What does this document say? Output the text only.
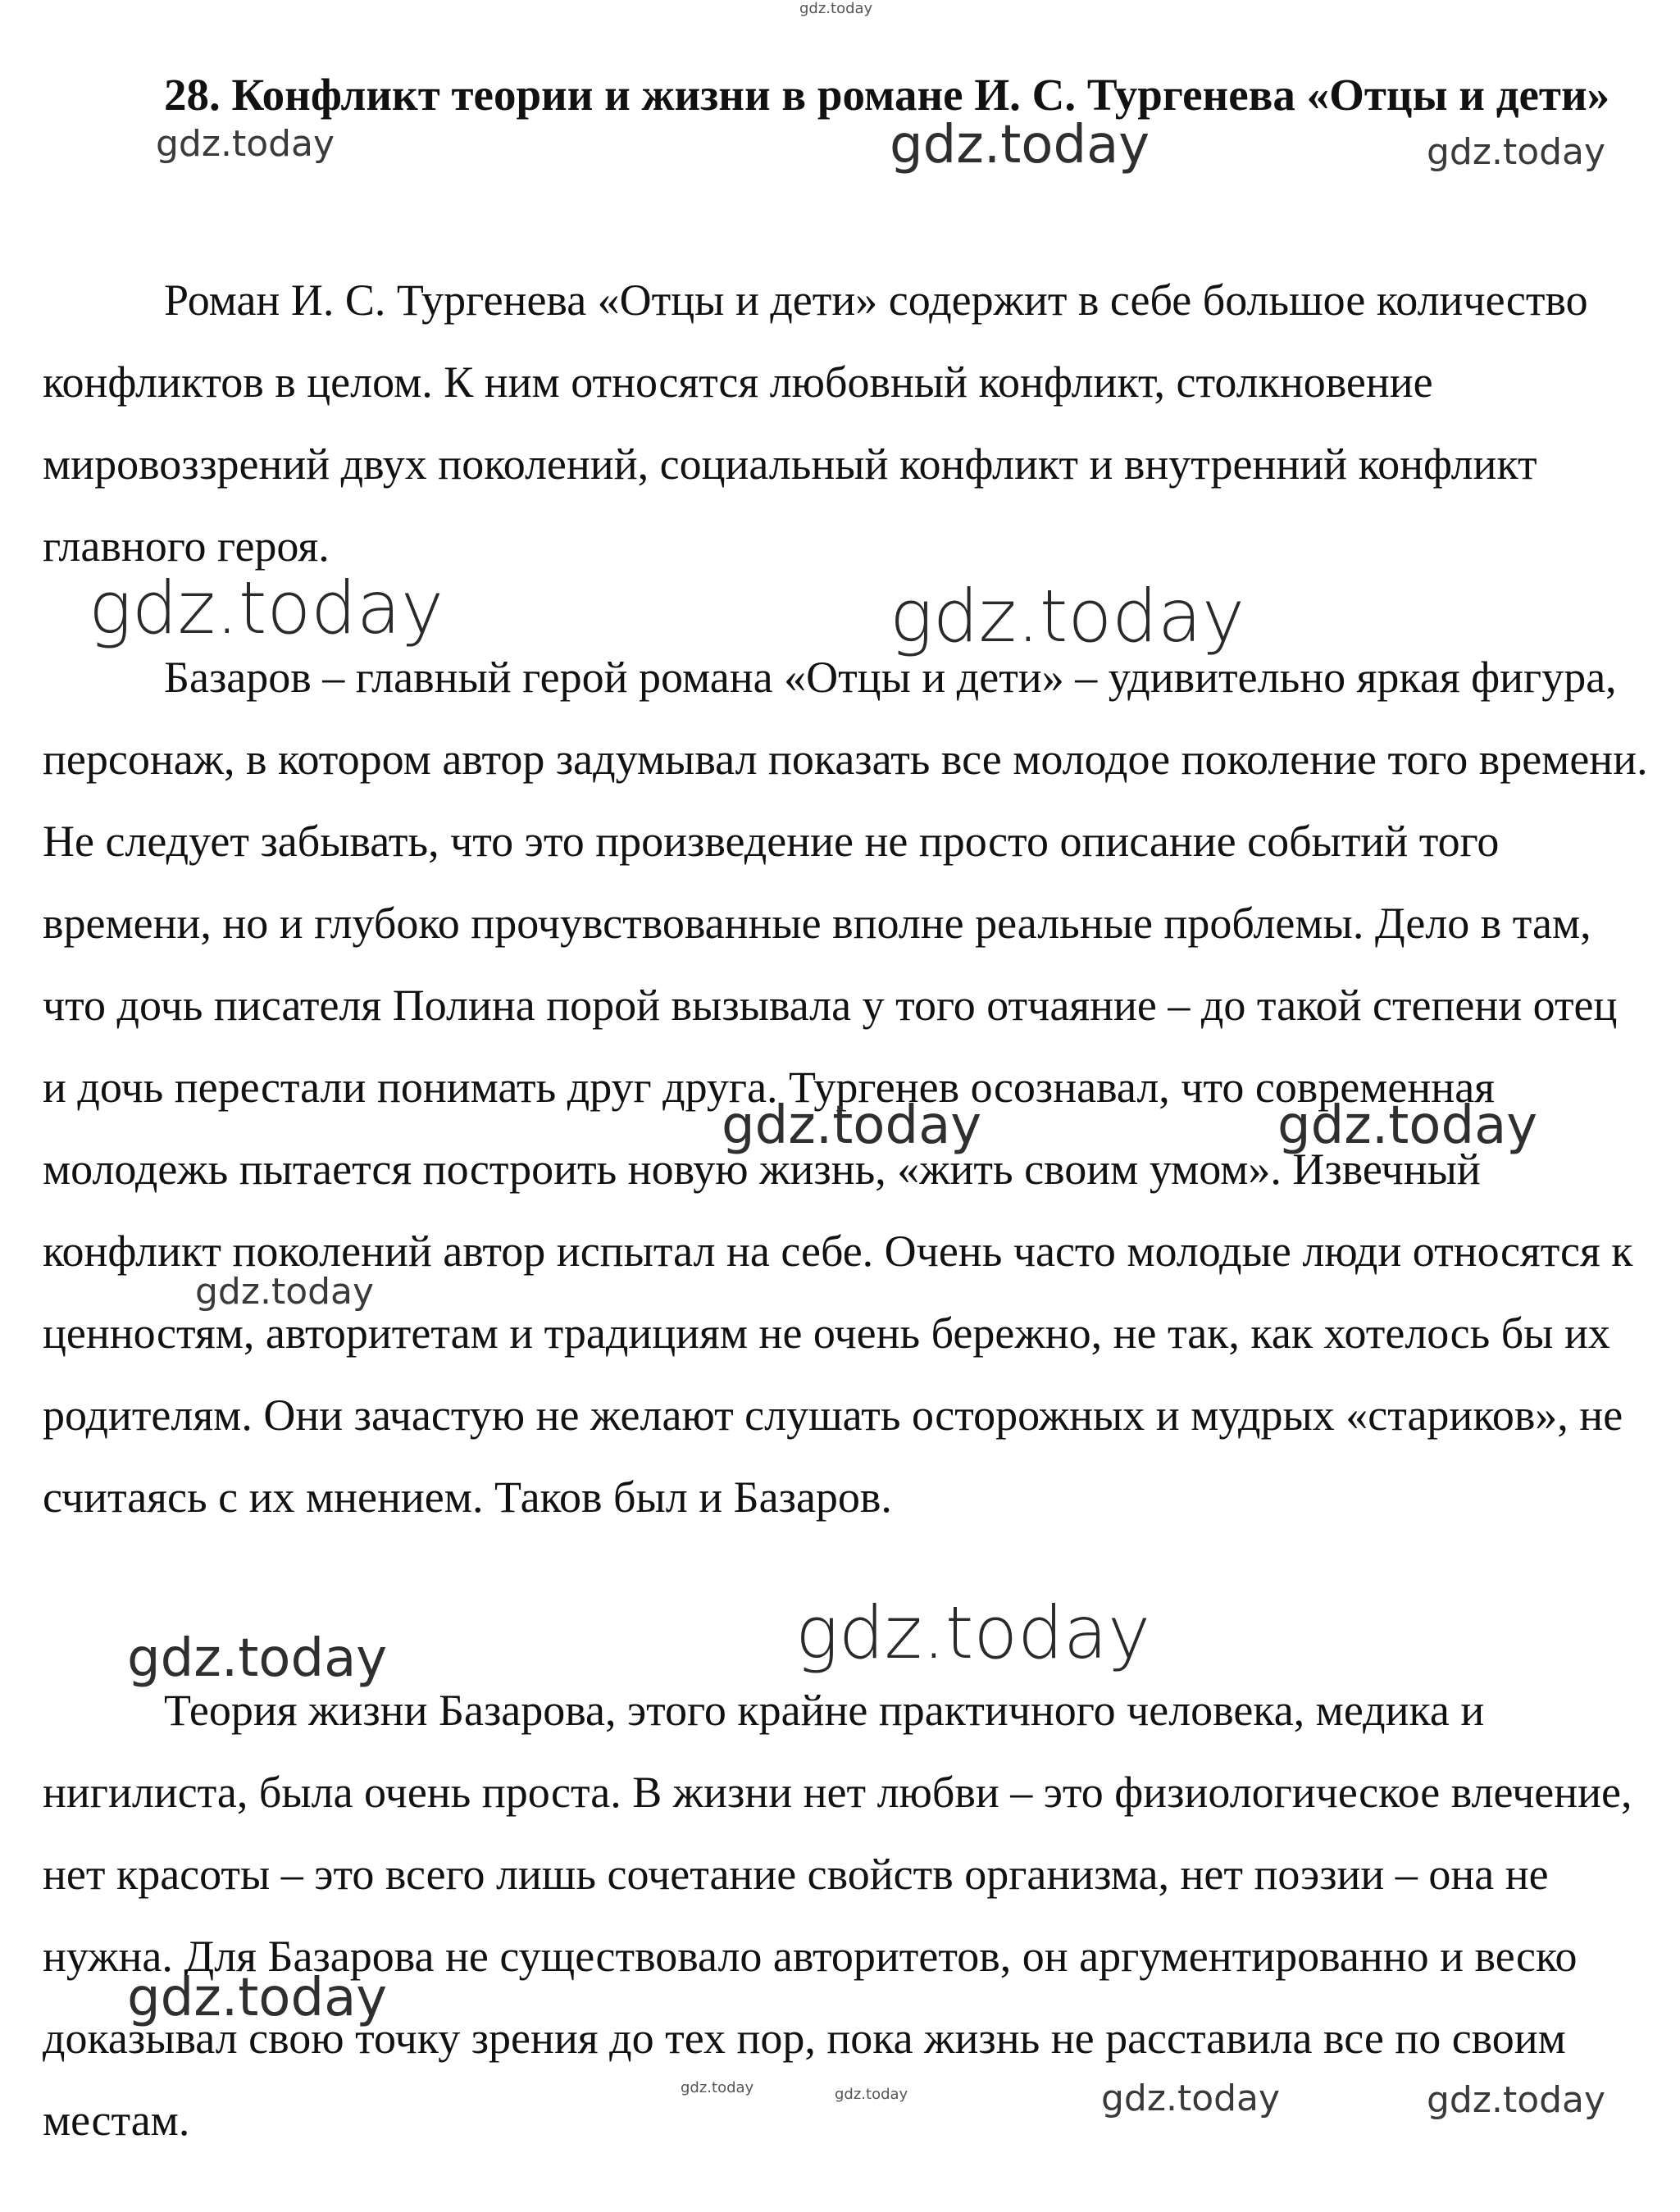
28. Конфликт теории и жизни в романе И. С. Тургенева «Отцы и дети»

Роман И. С. Тургенева «Отцы и дети» содержит в себе большое количество конфликтов в целом. К ним относятся любовный конфликт, столкновение мировоззрений двух поколений, социальный конфликт и внутренний конфликт главного героя.

Базаров – главный герой романа «Отцы и дети» – удивительно яркая фигура, персонаж, в котором автор задумывал показать все молодое поколение того времени. Не следует забывать, что это произведение не просто описание событий того времени, но и глубоко прочувствованные вполне реальные проблемы. Дело в там, что дочь писателя Полина порой вызывала у того отчаяние – до такой степени отец и дочь перестали понимать друг друга. Тургенев осознавал, что современная молодежь пытается построить новую жизнь, «жить своим умом». Извечный конфликт поколений автор испытал на себе. Очень часто молодые люди относятся к ценностям, авторитетам и традициям не очень бережно, не так, как хотелось бы их родителям. Они зачастую не желают слушать осторожных и мудрых «стариков», не считаясь с их мнением. Таков был и Базаров.

Теория жизни Базарова, этого крайне практичного человека, медика и нигилиста, была очень проста. В жизни нет любви – это физиологическое влечение, нет красоты – это всего лишь сочетание свойств организма, нет поэзии – она не нужна. Для Базарова не существовало авторитетов, он аргументированно и веско доказывал свою точку зрения до тех пор, пока жизнь не расставила все по своим местам.

gdz.today
gdz.today	gdz.today	gdz.today
gdz.today	gdz.today
gdz.today	gdz.today
gdz.today
gdz.today	gdz.today
gdz.today
gdz.today	gdz.today	gdz.today	gdz.today
